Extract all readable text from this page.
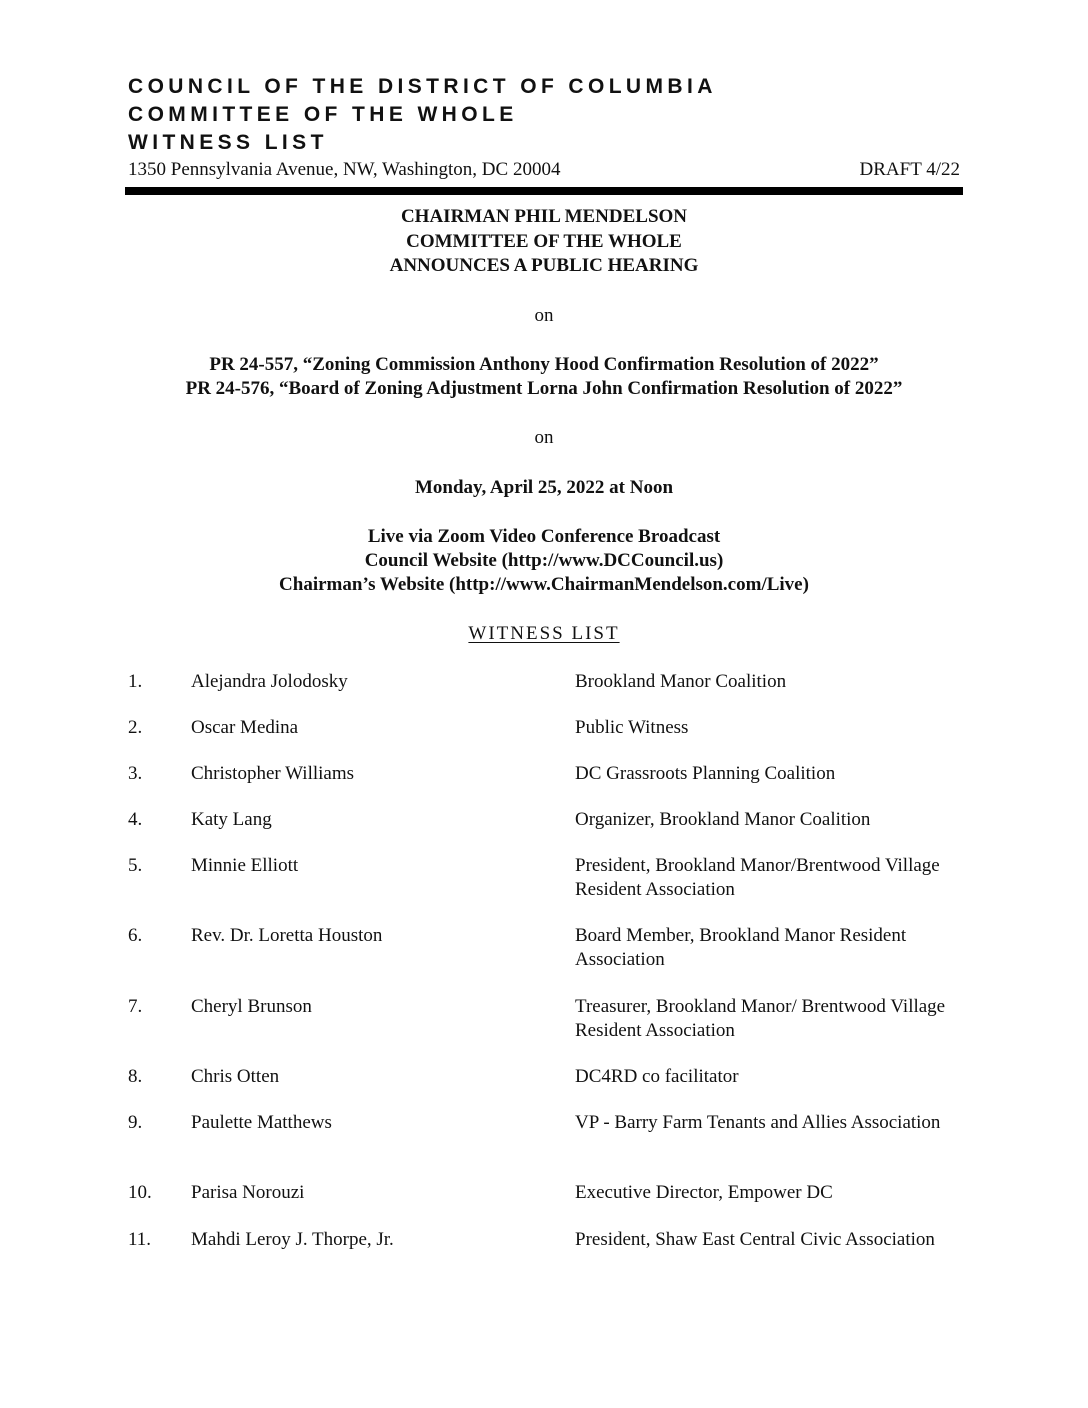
COUNCIL OF THE DISTRICT OF COLUMBIA
COMMITTEE OF THE WHOLE
WITNESS LIST
1350 Pennsylvania Avenue, NW, Washington, DC 20004	DRAFT 4/22
CHAIRMAN PHIL MENDELSON
COMMITTEE OF THE WHOLE
ANNOUNCES A PUBLIC HEARING
on
PR 24-557, “Zoning Commission Anthony Hood Confirmation Resolution of 2022”
PR 24-576, “Board of Zoning Adjustment Lorna John Confirmation Resolution of 2022”
on
Monday, April 25, 2022 at Noon
Live via Zoom Video Conference Broadcast
Council Website (http://www.DCCouncil.us)
Chairman’s Website (http://www.ChairmanMendelson.com/Live)
WITNESS LIST
1.	Alejandra Jolodosky	Brookland Manor Coalition
2.	Oscar Medina	Public Witness
3.	Christopher Williams	DC Grassroots Planning Coalition
4.	Katy Lang	Organizer, Brookland Manor Coalition
5.	Minnie Elliott	President, Brookland Manor/Brentwood Village Resident Association
6.	Rev. Dr. Loretta Houston	Board Member, Brookland Manor Resident Association
7.	Cheryl Brunson	Treasurer, Brookland Manor/ Brentwood Village Resident Association
8.	Chris Otten	DC4RD co facilitator
9.	Paulette Matthews	VP - Barry Farm Tenants and Allies Association
10. Parisa Norouzi	Executive Director, Empower DC
11. Mahdi Leroy J. Thorpe, Jr.	President, Shaw East Central Civic Association
